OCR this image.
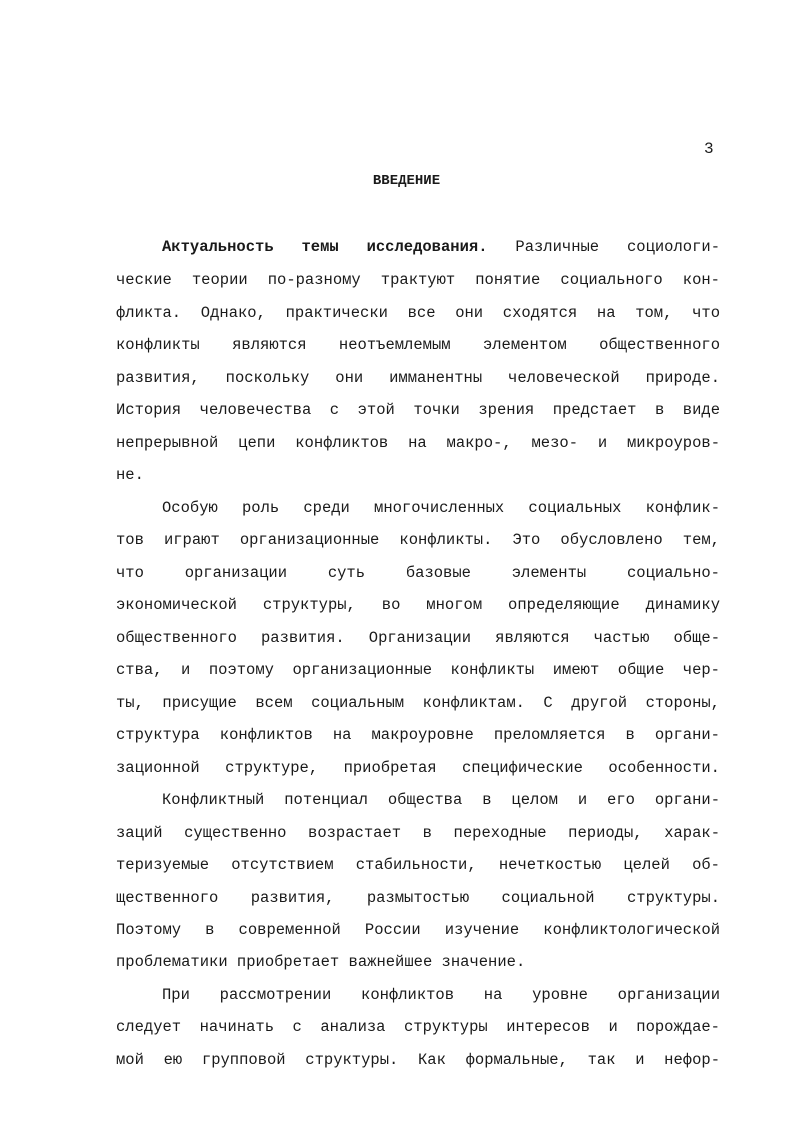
3
ВВЕДЕНИЕ
Актуальность темы исследования. Различные социологи-
ческие теории по-разному трактуют понятие социального кон-
фликта. Однако, практически все они сходятся на том, что
конфликты являются неотъемлемым элементом общественного
развития, поскольку они имманентны человеческой природе.
История человечества с этой точки зрения предстает в виде
непрерывной цепи конфликтов на макро-, мезо- и микроуров-
не.
Особую роль среди многочисленных социальных конфлик-
тов играют организационные конфликты. Это обусловлено тем,
что организации суть базовые элементы социально-
экономической структуры, во многом определяющие динамику
общественного развития. Организации являются частью обще-
ства, и поэтому организационные конфликты имеют общие чер-
ты, присущие всем социальным конфликтам. С другой стороны,
структура конфликтов на макроуровне преломляется в органи-
зационной структуре, приобретая специфические особенности.
Конфликтный потенциал общества в целом и его органи-
заций существенно возрастает в переходные периоды, харак-
теризуемые отсутствием стабильности, нечеткостью целей об-
щественного развития, размытостью социальной структуры.
Поэтому в современной России изучение конфликтологической
проблематики приобретает важнейшее значение.
При рассмотрении конфликтов на уровне организации
следует начинать с анализа структуры интересов и порождае-
мой ею групповой структуры. Как формальные, так и нефор-
